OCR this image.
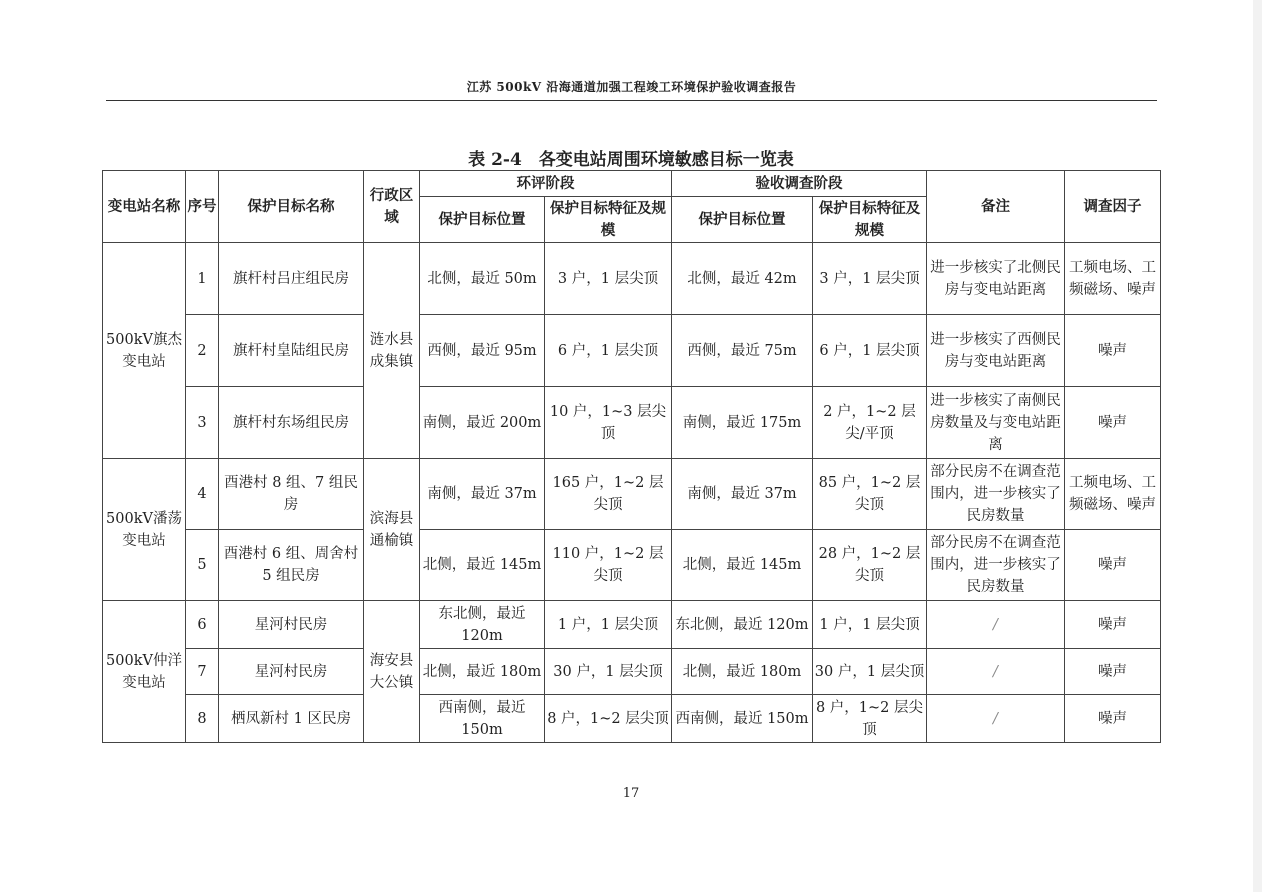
江苏 500kV 沿海通道加强工程竣工环境保护验收调查报告
表 2-4　各变电站周围环境敏感目标一览表
变电站名称	序号	保护目标名称	行政区域	环评阶段		验收调查阶段		备注	调查因子
				保护目标位置	保护目标特征及规模	保护目标位置	保护目标特征及规模		
500kV旗杰变电站	1	旗杆村吕庄组民房	涟水县成集镇	北侧，最近 50m	3 户，1 层尖顶	北侧，最近 42m	3 户，1 层尖顶	进一步核实了北侧民房与变电站距离	工频电场、工频磁场、噪声
	2	旗杆村皇陆组民房		西侧，最近 95m	6 户，1 层尖顶	西侧，最近 75m	6 户，1 层尖顶	进一步核实了西侧民房与变电站距离	噪声
	3	旗杆村东场组民房		南侧，最近 200m	10 户，1~3 层尖顶	南侧，最近 175m	2 户，1~2 层尖/平顶	进一步核实了南侧民房数量及与变电站距离	噪声
500kV潘荡变电站	4	酉港村 8 组、7 组民房	滨海县通榆镇	南侧，最近 37m	165 户，1~2 层尖顶	南侧，最近 37m	85 户，1~2 层尖顶	部分民房不在调查范围内，进一步核实了民房数量	工频电场、工频磁场、噪声
	5	酉港村 6 组、周舍村 5 组民房		北侧，最近 145m	110 户，1~2 层尖顶	北侧，最近 145m	28 户，1~2 层尖顶	部分民房不在调查范围内，进一步核实了民房数量	噪声
500kV仲洋变电站	6	星河村民房	海安县大公镇	东北侧，最近 120m	1 户，1 层尖顶	东北侧，最近 120m	1 户，1 层尖顶	/	噪声
	7	星河村民房		北侧，最近 180m	30 户，1 层尖顶	北侧，最近 180m	30 户，1 层尖顶	/	噪声
	8	栖凤新村 1 区民房		西南侧，最近 150m	8 户，1~2 层尖顶	西南侧，最近 150m	8 户，1~2 层尖顶	/	噪声
17
